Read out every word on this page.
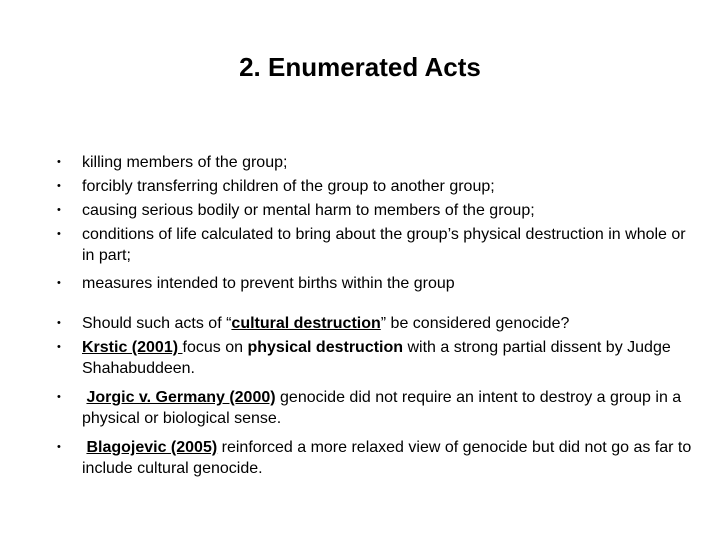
2. Enumerated Acts
• killing members of the group;
• forcibly transferring children of the group to another group;
• causing serious bodily or mental harm to members of the group;
• conditions of life calculated to bring about the group’s physical destruction in whole or in part;
• measures intended to prevent births within the group
• Should such acts of “cultural destruction” be considered genocide?
• Krstic (2001) focus on physical destruction with a strong partial dissent by Judge Shahabuddeen.
• Jorgic v. Germany (2000) genocide did not require an intent to destroy a group in a physical or biological sense.
• Blagojevic (2005) reinforced a more relaxed view of genocide but did not go as far to include cultural genocide.
